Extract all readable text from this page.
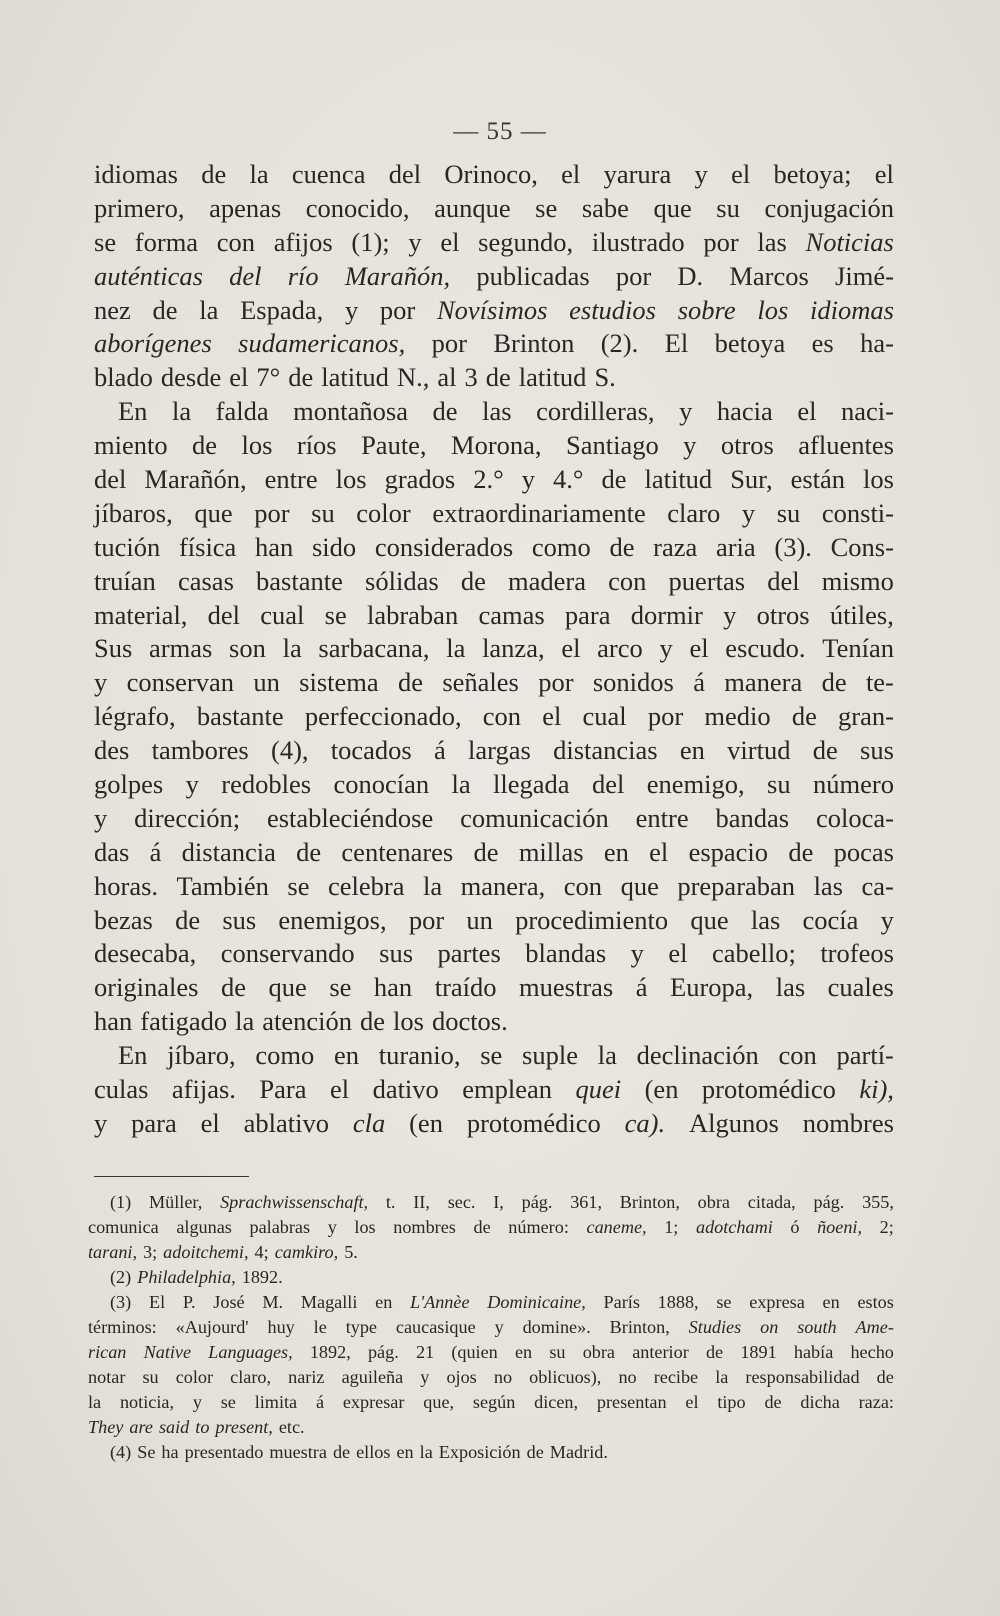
— 55 —
idiomas de la cuenca del Orinoco, el yarura y el betoya; el
primero, apenas conocido, aunque se sabe que su conjugación
se forma con afijos (1); y el segundo, ilustrado por las Noticias
auténticas del río Marañón, publicadas por D. Marcos Jimé-
nez de la Espada, y por Novísimos estudios sobre los idiomas
aborígenes sudamericanos, por Brinton (2). El betoya es ha-
blado desde el 7° de latitud N., al 3 de latitud S.
En la falda montañosa de las cordilleras, y hacia el naci-
miento de los ríos Paute, Morona, Santiago y otros afluentes
del Marañón, entre los grados 2.° y 4.° de latitud Sur, están los
jíbaros, que por su color extraordinariamente claro y su consti-
tución física han sido considerados como de raza aria (3). Cons-
truían casas bastante sólidas de madera con puertas del mismo
material, del cual se labraban camas para dormir y otros útiles,
Sus armas son la sarbacana, la lanza, el arco y el escudo. Tenían
y conservan un sistema de señales por sonidos á manera de te-
légrafo, bastante perfeccionado, con el cual por medio de gran-
des tambores (4), tocados á largas distancias en virtud de sus
golpes y redobles conocían la llegada del enemigo, su número
y dirección; estableciéndose comunicación entre bandas coloca-
das á distancia de centenares de millas en el espacio de pocas
horas. También se celebra la manera, con que preparaban las ca-
bezas de sus enemigos, por un procedimiento que las cocía y
desecaba, conservando sus partes blandas y el cabello; trofeos
originales de que se han traído muestras á Europa, las cuales
han fatigado la atención de los doctos.
En jíbaro, como en turanio, se suple la declinación con partí-
culas afijas. Para el dativo emplean quei (en protomédico ki),
y para el ablativo cla (en protomédico ca). Algunos nombres
(1) Müller, Sprachwissenschaft, t. II, sec. I, pág. 361, Brinton, obra citada, pág. 355,
comunica algunas palabras y los nombres de número: caneme, 1; adotchami ó ñoeni, 2;
tarani, 3; adoitchemi, 4; camkiro, 5.
(2) Philadelphia, 1892.
(3) El P. José M. Magalli en L'Annèe Dominicaine, París 1888, se expresa en estos
términos: «Aujourd' huy le type caucasique y domine». Brinton, Studies on south Ame-
rican Native Languages, 1892, pág. 21 (quien en su obra anterior de 1891 había hecho
notar su color claro, nariz aguileña y ojos no oblicuos), no recibe la responsabilidad de
la noticia, y se limita á expresar que, según dicen, presentan el tipo de dicha raza:
They are said to present, etc.
(4) Se ha presentado muestra de ellos en la Exposición de Madrid.
